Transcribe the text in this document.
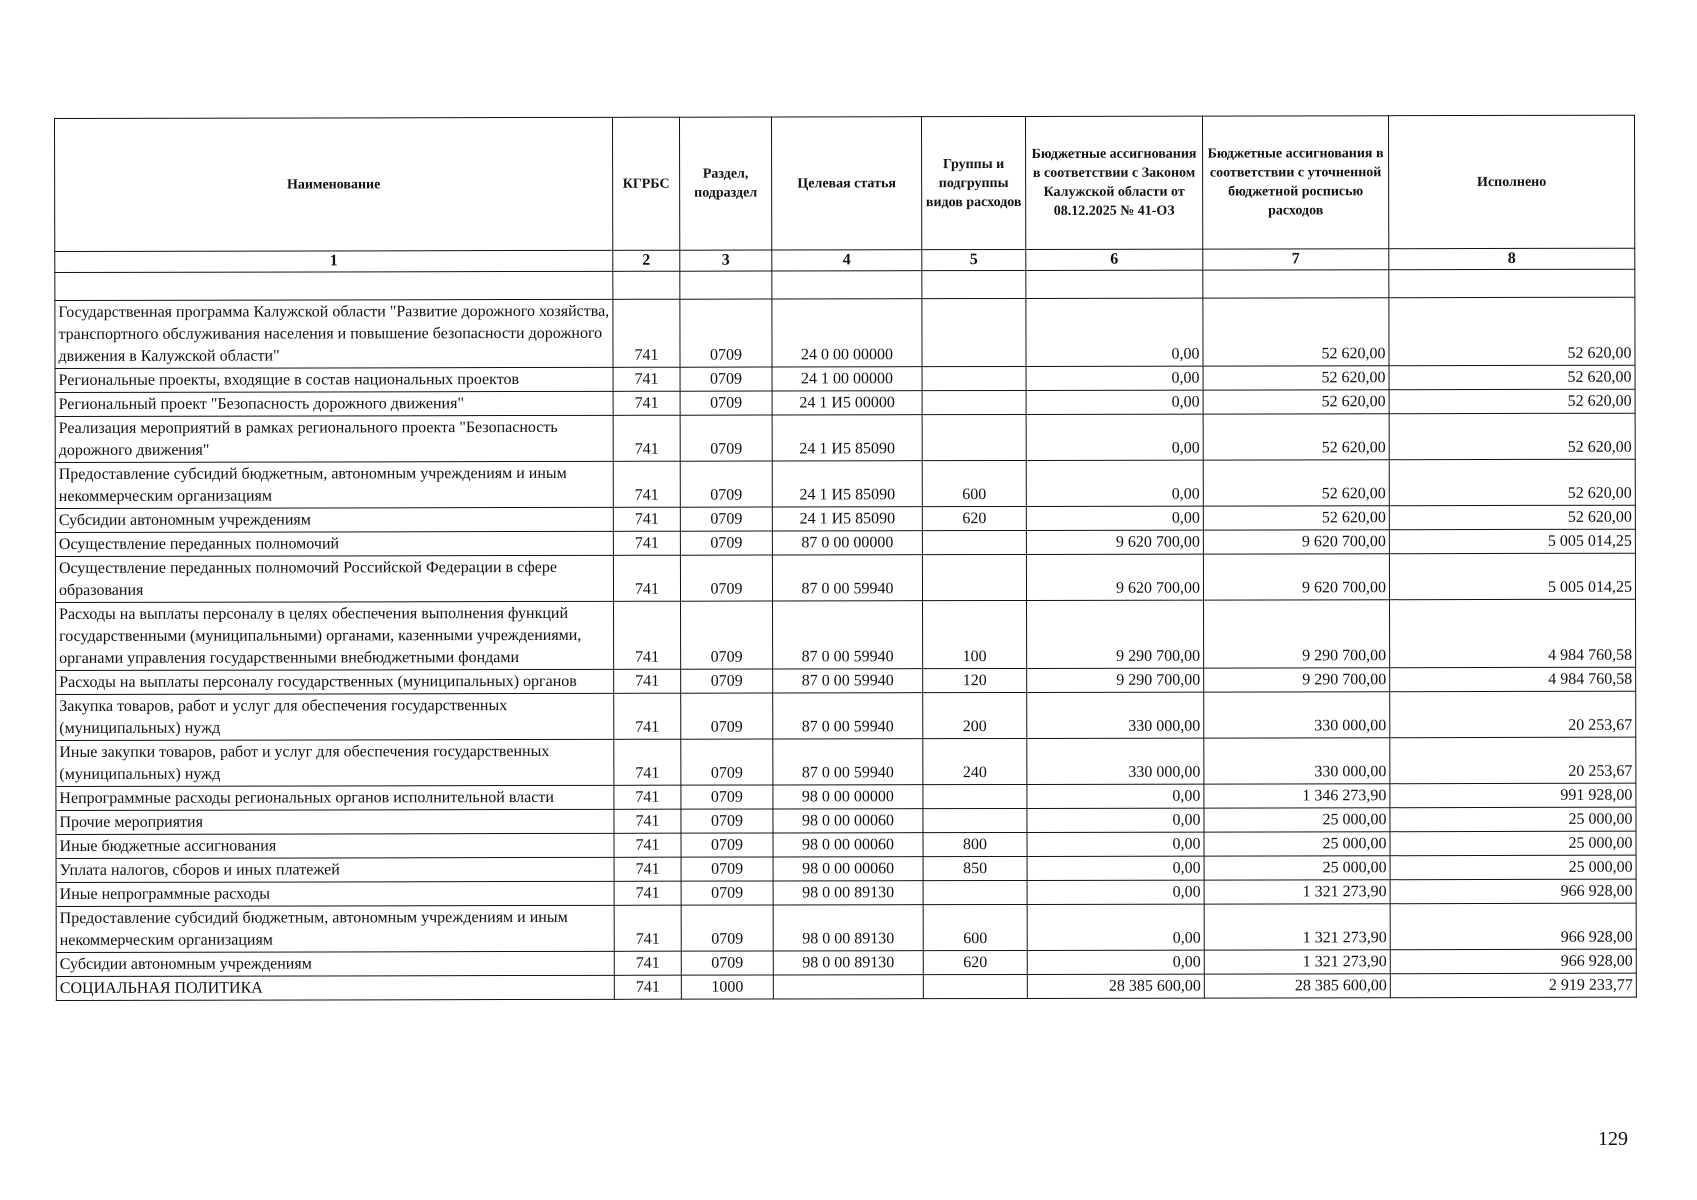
Наименование	КГРБС	Раздел, подраздел	Целевая статья	Группы и подгруппы видов расходов	Бюджетные ассигнования в соответствии с Законом Калужской области от 08.12.2025 № 41-ОЗ	Бюджетные ассигнования в соответствии с уточненной бюджетной росписью расходов	Исполнено
1	2	3	4	5	6	7	8

Государственная программа Калужской области "Развитие дорожного хозяйства, транспортного обслуживания населения и повышение безопасности дорожного движения в Калужской области"	741	0709	24 0 00 00000		0,00	52 620,00	52 620,00
Региональные проекты, входящие в состав национальных проектов	741	0709	24 1 00 00000		0,00	52 620,00	52 620,00
Региональный проект "Безопасность дорожного движения"	741	0709	24 1 И5 00000		0,00	52 620,00	52 620,00
Реализация мероприятий в рамках регионального проекта "Безопасность дорожного движения"	741	0709	24 1 И5 85090		0,00	52 620,00	52 620,00
Предоставление субсидий бюджетным, автономным учреждениям и иным некоммерческим организациям	741	0709	24 1 И5 85090	600	0,00	52 620,00	52 620,00
Субсидии автономным учреждениям	741	0709	24 1 И5 85090	620	0,00	52 620,00	52 620,00
Осуществление переданных полномочий	741	0709	87 0 00 00000		9 620 700,00	9 620 700,00	5 005 014,25
Осуществление переданных полномочий Российской Федерации в сфере образования	741	0709	87 0 00 59940		9 620 700,00	9 620 700,00	5 005 014,25
Расходы на выплаты персоналу в целях обеспечения выполнения функций государственными (муниципальными) органами, казенными учреждениями, органами управления государственными внебюджетными фондами	741	0709	87 0 00 59940	100	9 290 700,00	9 290 700,00	4 984 760,58
Расходы на выплаты персоналу государственных (муниципальных) органов	741	0709	87 0 00 59940	120	9 290 700,00	9 290 700,00	4 984 760,58
Закупка товаров, работ и услуг для обеспечения государственных (муниципальных) нужд	741	0709	87 0 00 59940	200	330 000,00	330 000,00	20 253,67
Иные закупки товаров, работ и услуг для обеспечения государственных (муниципальных) нужд	741	0709	87 0 00 59940	240	330 000,00	330 000,00	20 253,67
Непрограммные расходы региональных органов исполнительной власти	741	0709	98 0 00 00000		0,00	1 346 273,90	991 928,00
Прочие мероприятия	741	0709	98 0 00 00060		0,00	25 000,00	25 000,00
Иные бюджетные ассигнования	741	0709	98 0 00 00060	800	0,00	25 000,00	25 000,00
Уплата налогов, сборов и иных платежей	741	0709	98 0 00 00060	850	0,00	25 000,00	25 000,00
Иные непрограммные расходы	741	0709	98 0 00 89130		0,00	1 321 273,90	966 928,00
Предоставление субсидий бюджетным, автономным учреждениям и иным некоммерческим организациям	741	0709	98 0 00 89130	600	0,00	1 321 273,90	966 928,00
Субсидии автономным учреждениям	741	0709	98 0 00 89130	620	0,00	1 321 273,90	966 928,00
СОЦИАЛЬНАЯ ПОЛИТИКА	741	1000			28 385 600,00	28 385 600,00	2 919 233,77
129
